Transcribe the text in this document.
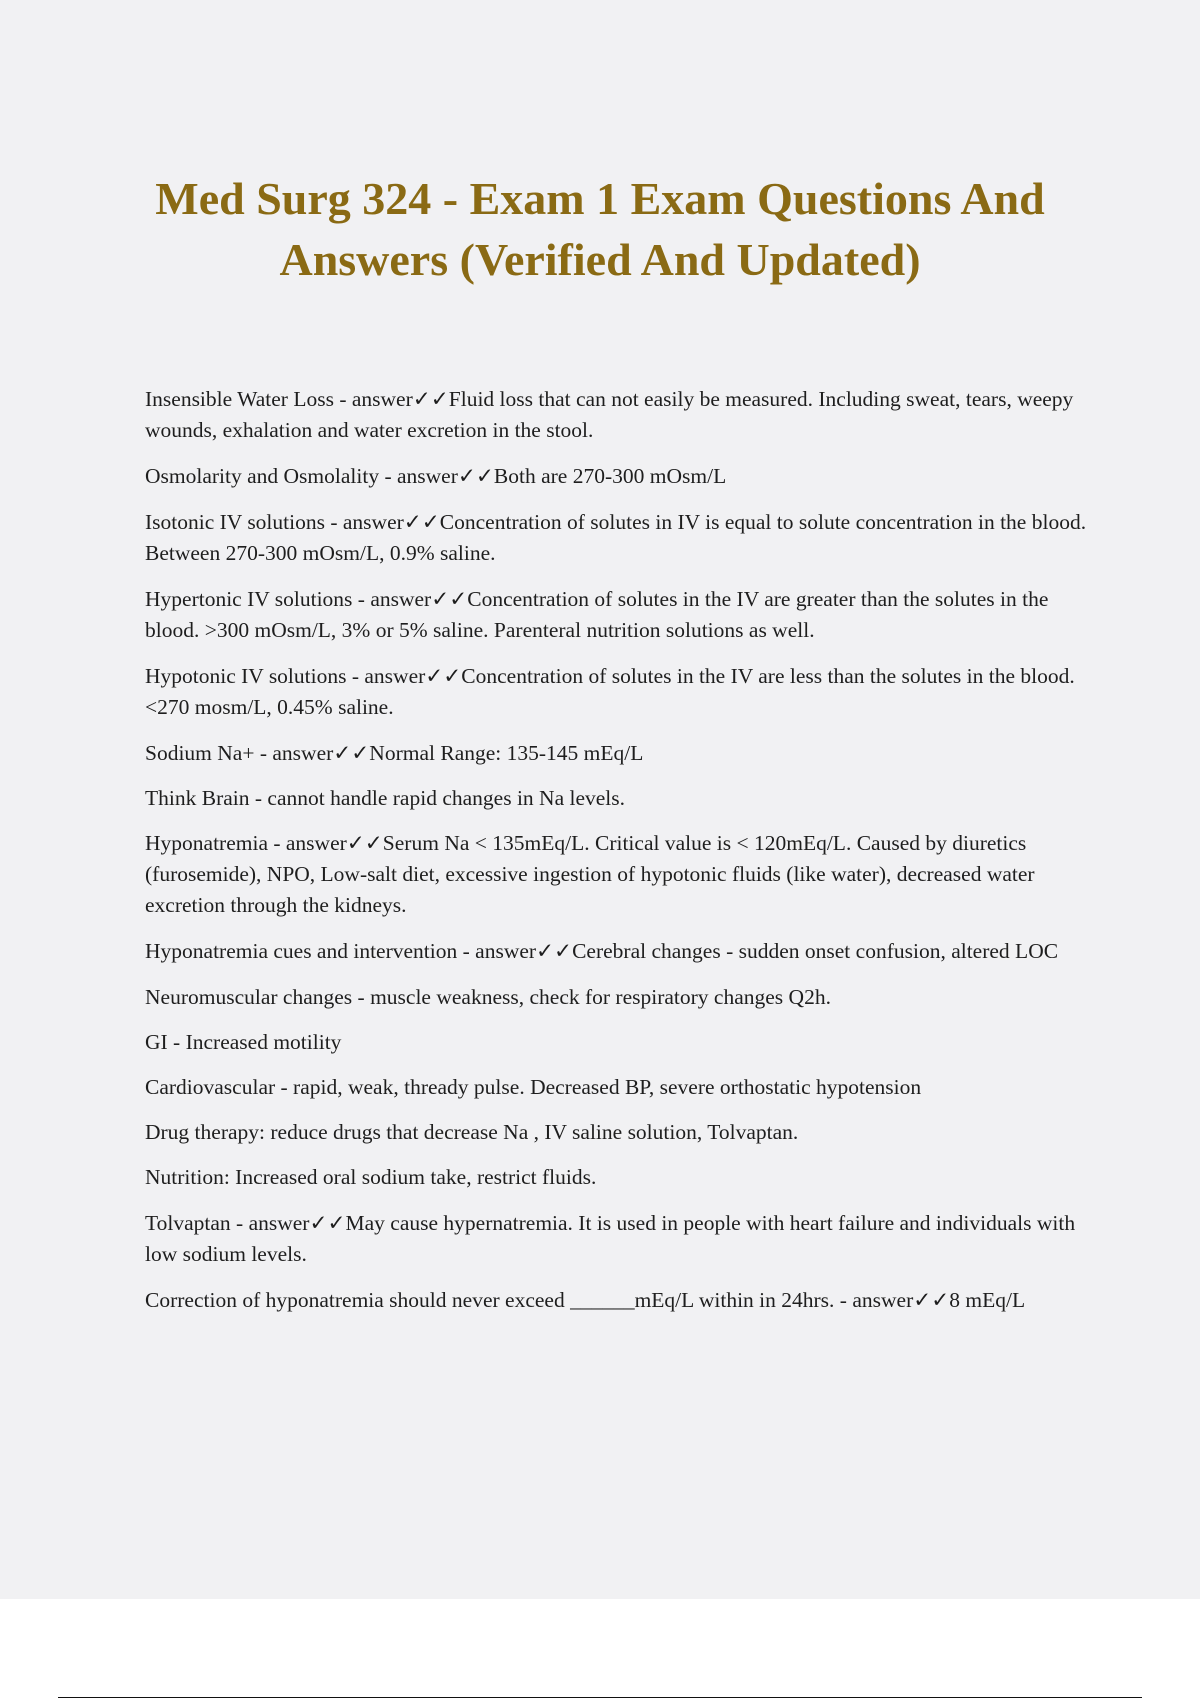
Med Surg 324 - Exam 1 Exam Questions And Answers (Verified And Updated)

Insensible Water Loss - answer✓✓Fluid loss that can not easily be measured. Including sweat, tears, weepy wounds, exhalation and water excretion in the stool.

Osmolarity and Osmolality - answer✓✓Both are 270-300 mOsm/L

Isotonic IV solutions - answer✓✓Concentration of solutes in IV is equal to solute concentration in the blood. Between 270-300 mOsm/L, 0.9% saline.

Hypertonic IV solutions - answer✓✓Concentration of solutes in the IV are greater than the solutes in the blood. >300 mOsm/L, 3% or 5% saline. Parenteral nutrition solutions as well.

Hypotonic IV solutions - answer✓✓Concentration of solutes in the IV are less than the solutes in the blood. <270 mosm/L, 0.45% saline.

Sodium Na+ - answer✓✓Normal Range: 135-145 mEq/L

Think Brain - cannot handle rapid changes in Na levels.

Hyponatremia - answer✓✓Serum Na < 135mEq/L. Critical value is < 120mEq/L. Caused by diuretics (furosemide), NPO, Low-salt diet, excessive ingestion of hypotonic fluids (like water), decreased water excretion through the kidneys.

Hyponatremia cues and intervention - answer✓✓Cerebral changes - sudden onset confusion, altered LOC

Neuromuscular changes - muscle weakness, check for respiratory changes Q2h.

GI - Increased motility

Cardiovascular - rapid, weak, thready pulse. Decreased BP, severe orthostatic hypotension

Drug therapy: reduce drugs that decrease Na , IV saline solution, Tolvaptan.

Nutrition: Increased oral sodium take, restrict fluids.

Tolvaptan - answer✓✓May cause hypernatremia. It is used in people with heart failure and individuals with low sodium levels.

Correction of hyponatremia should never exceed ______mEq/L within in 24hrs. - answer✓✓8 mEq/L
